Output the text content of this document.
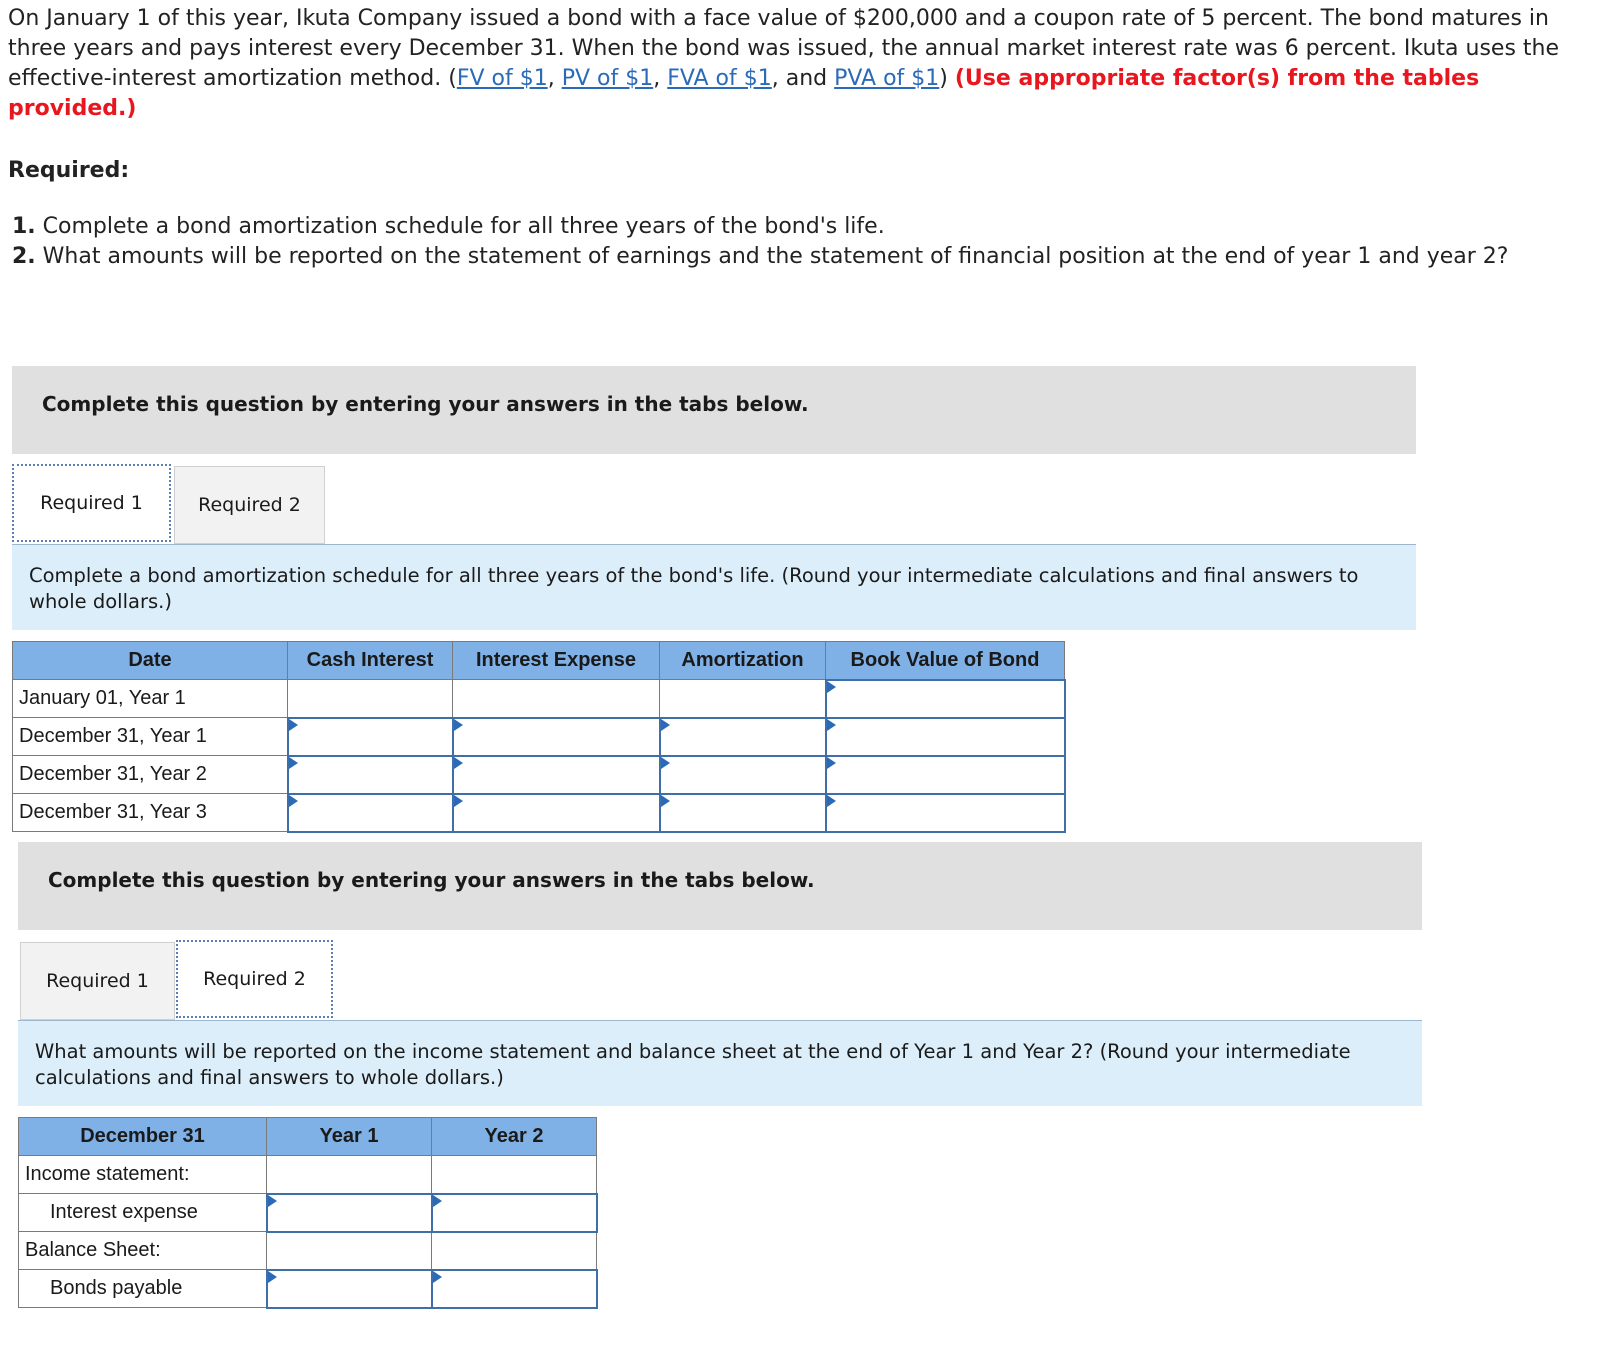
On January 1 of this year, Ikuta Company issued a bond with a face value of $200,000 and a coupon rate of 5 percent. The bond matures in three years and pays interest every December 31. When the bond was issued, the annual market interest rate was 6 percent. Ikuta uses the effective-interest amortization method. (FV of $1, PV of $1, FVA of $1, and PVA of $1) (Use appropriate factor(s) from the tables provided.)

Required:
1. Complete a bond amortization schedule for all three years of the bond's life.
2. What amounts will be reported on the statement of earnings and the statement of financial position at the end of year 1 and year 2?
Complete this question by entering your answers in the tabs below.
Required 1	Required 2
Complete a bond amortization schedule for all three years of the bond's life. (Round your intermediate calculations and final answers to whole dollars.)
Date	Cash Interest	Interest Expense	Amortization	Book Value of Bond
January 01, Year 1				
December 31, Year 1				
December 31, Year 2				
December 31, Year 3				
Complete this question by entering your answers in the tabs below.
Required 1	Required 2
What amounts will be reported on the income statement and balance sheet at the end of Year 1 and Year 2? (Round your intermediate calculations and final answers to whole dollars.)
December 31	Year 1	Year 2
Income statement:		
Interest expense		
Balance Sheet:		
Bonds payable		
